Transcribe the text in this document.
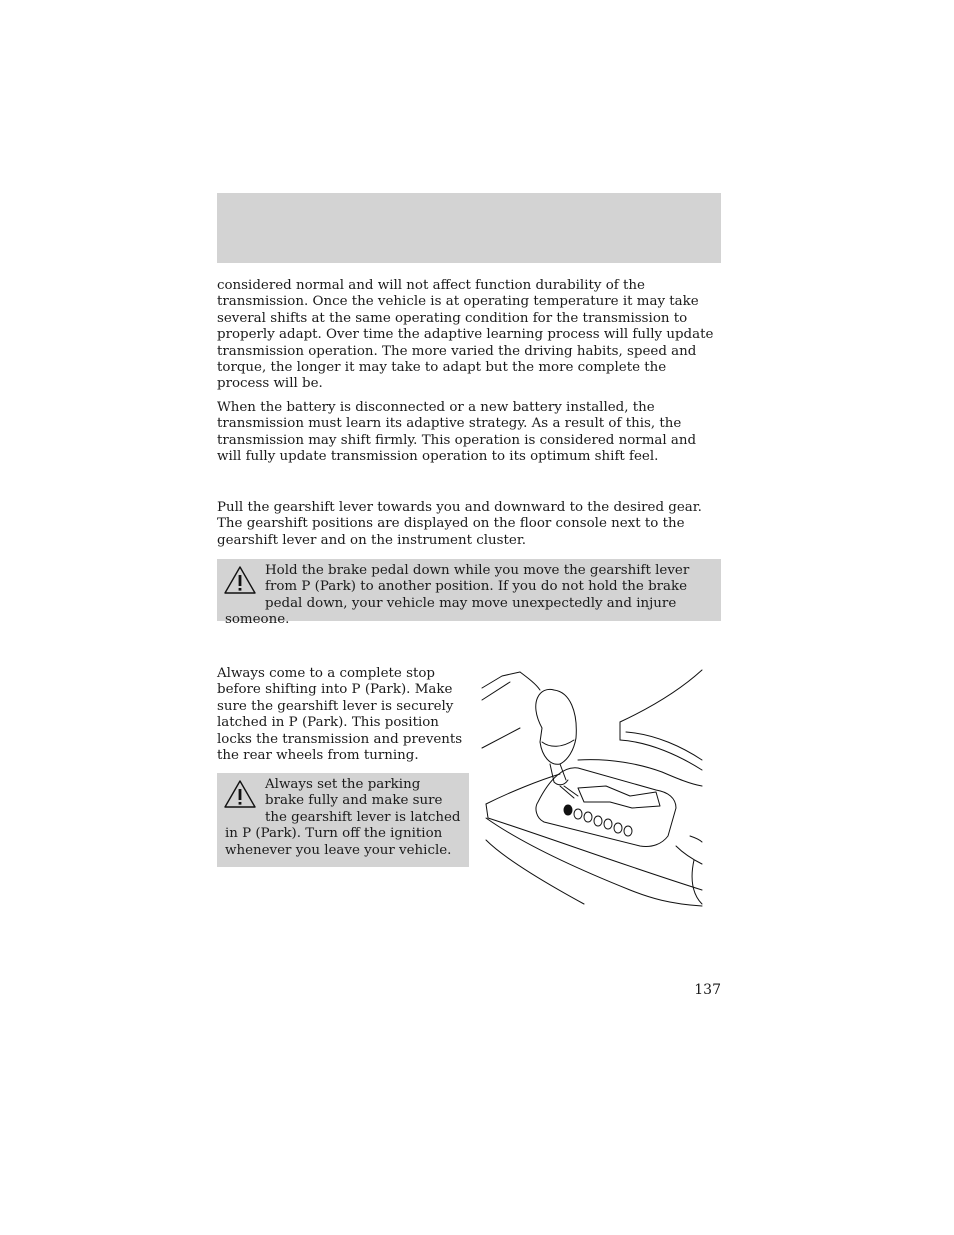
considered normal and will not affect function durability of the transmission. Once the vehicle is at operating temperature it may take several shifts at the same operating condition for the transmission to properly adapt. Over time the adaptive learning process will fully update transmission operation. The more varied the driving habits, speed and torque, the longer it may take to adapt but the more complete the process will be.

When the battery is disconnected or a new battery installed, the transmission must learn its adaptive strategy. As a result of this, the transmission may shift firmly. This operation is considered normal and will fully update transmission operation to its optimum shift feel.

Pull the gearshift lever towards you and downward to the desired gear. The gearshift positions are displayed on the floor console next to the gearshift lever and on the instrument cluster.

Hold the brake pedal down while you move the gearshift lever from P (Park) to another position. If you do not hold the brake pedal down, your vehicle may move unexpectedly and injure someone.

Always come to a complete stop before shifting into P (Park). Make sure the gearshift lever is securely latched in P (Park). This position locks the transmission and prevents the rear wheels from turning.

Always set the parking brake fully and make sure the gearshift lever is latched in P (Park). Turn off the ignition whenever you leave your vehicle.

137
